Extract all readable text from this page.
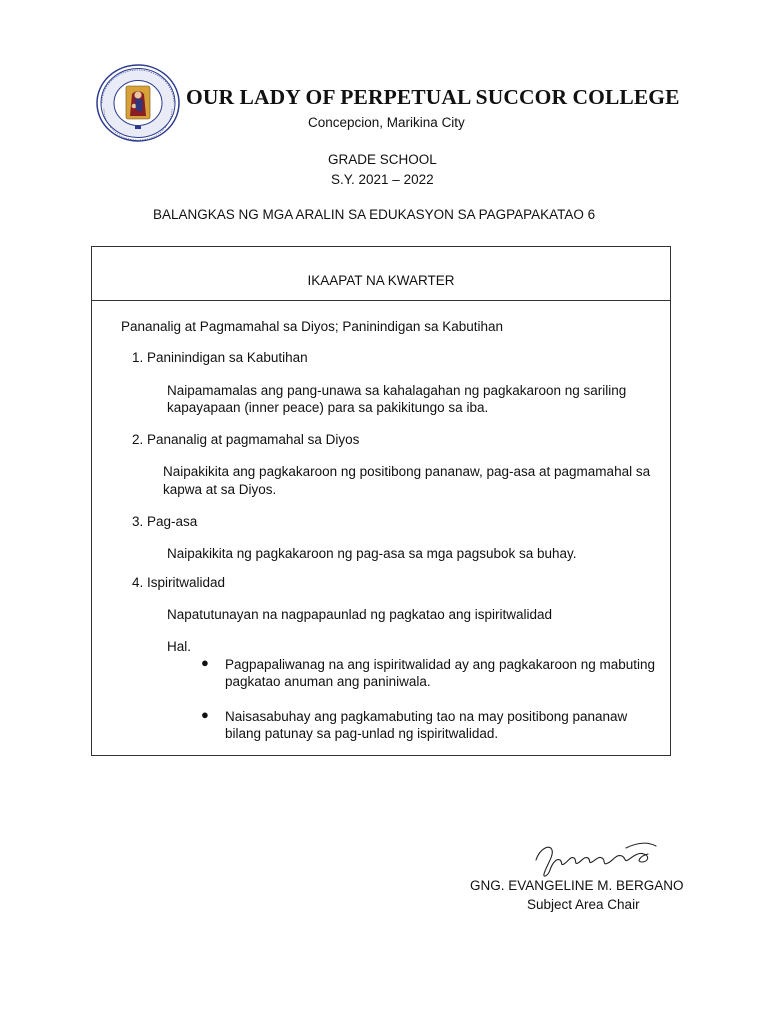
OUR LADY OF PERPETUAL SUCCOR COLLEGE
Concepcion, Marikina City
GRADE SCHOOL
S.Y. 2021 – 2022
BALANGKAS NG MGA ARALIN SA EDUKASYON SA PAGPAPAKATAO 6
IKAAPAT NA KWARTER
Pananalig at Pagmamahal sa Diyos; Paninindigan sa Kabutihan
1. Paninindigan sa Kabutihan
Naipamamalas ang pang-unawa sa kahalagahan ng pagkakaroon ng sariling
kapayapaan (inner peace) para sa pakikitungo sa iba.
2. Pananalig at pagmamahal sa Diyos
Naipakikita ang pagkakaroon ng positibong pananaw, pag-asa at pagmamahal sa
kapwa at sa Diyos.
3. Pag-asa
Naipakikita ng pagkakaroon ng pag-asa sa mga pagsubok sa buhay.
4. Ispiritwalidad
Napatutunayan na nagpapaunlad ng pagkatao ang ispiritwalidad
Hal.
● Pagpapaliwanag na ang ispiritwalidad ay ang pagkakaroon ng mabuting
pagkatao anuman ang paniniwala.
● Naisasabuhay ang pagkamabuting tao na may positibong pananaw
bilang patunay sa pag-unlad ng ispiritwalidad.
GNG. EVANGELINE M. BERGANO
Subject Area Chair
